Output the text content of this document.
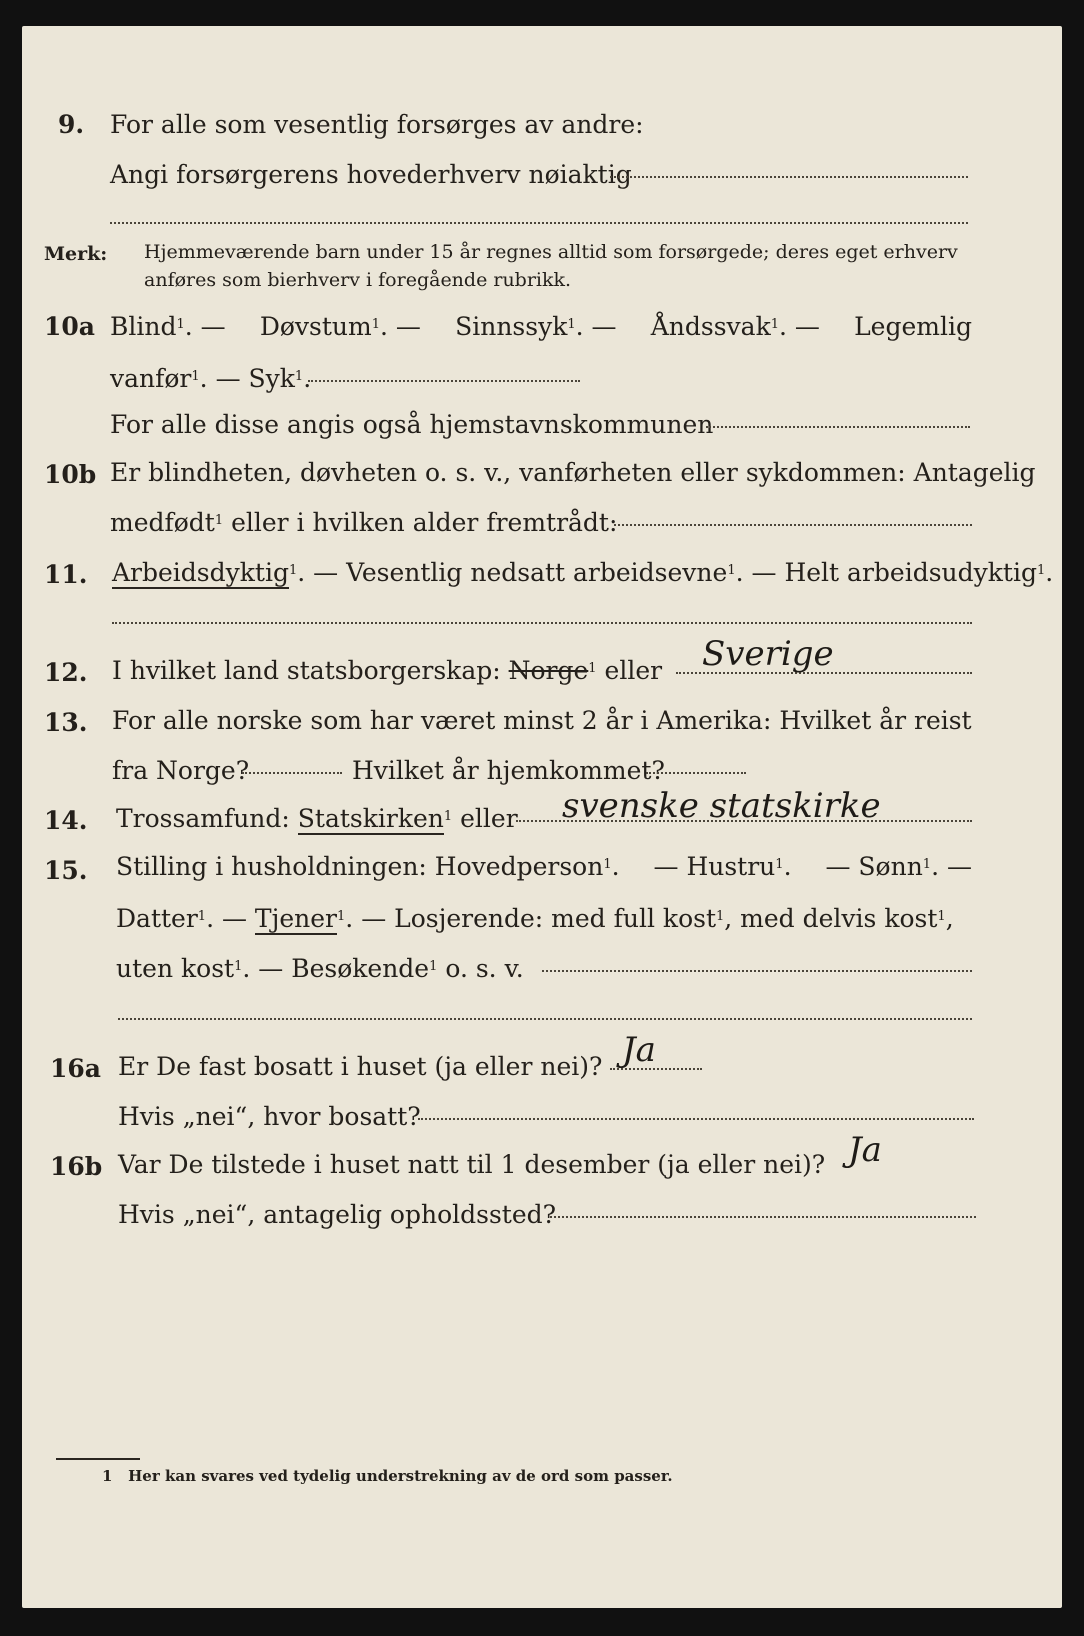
9. For alle som vesentlig forsørges av andre:
Angi forsørgerens hovederhverv nøiaktig
Merk: Hjemmeværende barn under 15 år regnes alltid som forsørgede; deres eget erhverv
anføres som bierhverv i foregående rubrikk.
10a Blind$^1$. — Døvstum$^1$. — Sinnssyk$^1$. — Åndssvak$^1$. — Legemlig
vanfør$^1$. — Syk$^1$.
For alle disse angis også hjemstavnskommunen
10b Er blindheten, døvheten o. s. v., vanførheten eller sykdommen: Antagelig
medfødt$^1$ eller i hvilken alder fremtrådt:
11. Arbeidsdyktig$^1$. — Vesentlig nedsatt arbeidsevne$^1$. — Helt arbeidsudyktig$^1$.
12. I hvilket land statsborgerskap: Norge$^1$ eller Sverige
13. For alle norske som har været minst 2 år i Amerika: Hvilket år reist
fra Norge?	Hvilket år hjemkommet?
14. Trossamfund: Statskirken$^1$ eller svenske statskirke
15. Stilling i husholdningen: Hovedperson$^1$. — Hustru$^1$. — Sønn$^1$. —
Datter$^1$. — Tjener$^1$. — Losjerende: med full kost$^1$, med delvis kost$^1$,
uten kost$^1$. — Besøkende$^1$ o. s. v.
16a Er De fast bosatt i huset (ja eller nei)? Ja
Hvis „nei“, hvor bosatt?
16b Var De tilstede i huset natt til 1 desember (ja eller nei)? Ja
Hvis „nei“, antagelig opholdssted?
1 Her kan svares ved tydelig understrekning av de ord som passer.
